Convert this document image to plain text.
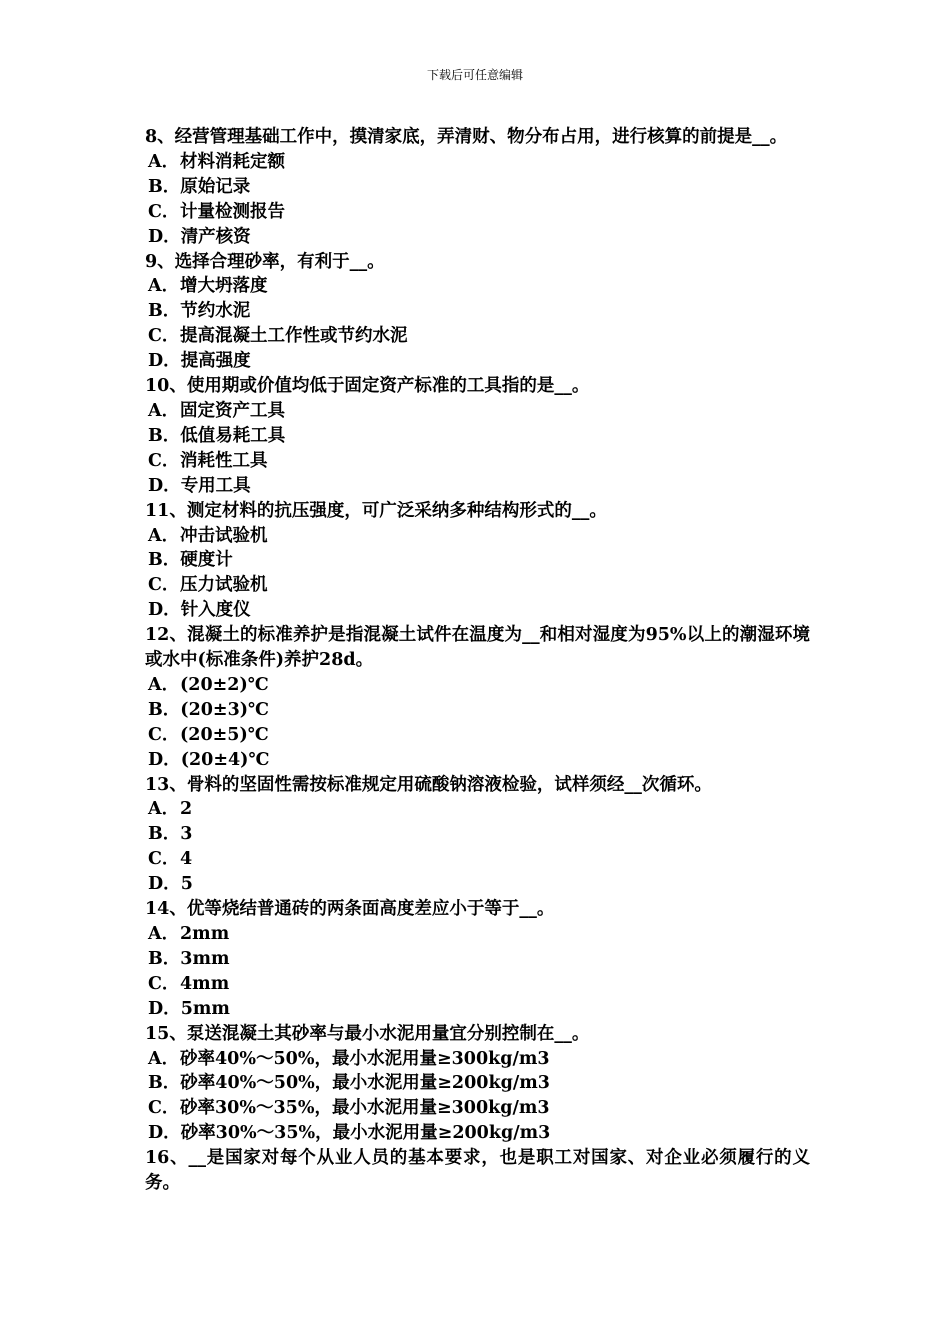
下载后可任意编辑

8、经营管理基础工作中，摸清家底，弄清财、物分布占用，进行核算的前提是__。

A．材料消耗定额
B．原始记录
C．计量检测报告
D．清产核资

9、选择合理砂率，有利于__。

A．增大坍落度
B．节约水泥
C．提高混凝土工作性或节约水泥
D．提高强度

10、使用期或价值均低于固定资产标准的工具指的是__。

A．固定资产工具
B．低值易耗工具
C．消耗性工具
D．专用工具

11、测定材料的抗压强度，可广泛采纳多种结构形式的__。

A．冲击试验机
B．硬度计
C．压力试验机
D．针入度仪

12、混凝土的标准养护是指混凝土试件在温度为__和相对湿度为95%以上的潮湿环境或水中(标准条件)养护28d。

A．(20±2)℃
B．(20±3)℃
C．(20±5)℃
D．(20±4)℃

13、骨料的坚固性需按标准规定用硫酸钠溶液检验，试样须经__次循环。

A．2
B．3
C．4
D．5

14、优等烧结普通砖的两条面高度差应小于等于__。

A．2mm
B．3mm
C．4mm
D．5mm

15、泵送混凝土其砂率与最小水泥用量宜分别控制在__。

A．砂率40%～50%，最小水泥用量≥300kg/m3
B．砂率40%～50%，最小水泥用量≥200kg/m3
C．砂率30%～35%，最小水泥用量≥300kg/m3
D．砂率30%～35%，最小水泥用量≥200kg/m3

16、__是国家对每个从业人员的基本要求，也是职工对国家、对企业必须履行的义务。
